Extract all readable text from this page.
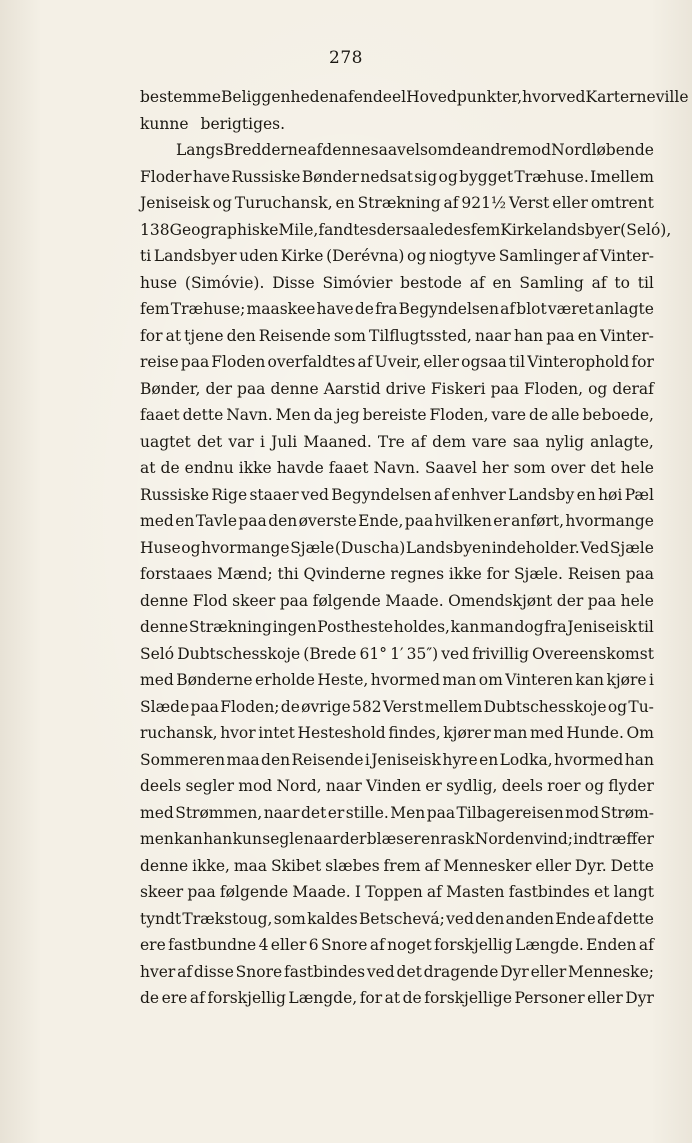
278
bestemme Beliggenheden af endeel Hovedpunkter, hvorved Karterne ville
kunne berigtiges.
Langs Bredderne af denne saavelsom de andre mod Nord løbende
Floder have Russiske Bønder nedsat sig og bygget Træhuse. Imellem
Jeniseisk og Turuchansk, en Strækning af 921½ Verst eller omtrent
138 Geographiske Mile, fandtes der saaledes fem Kirkelandsbyer (Seló),
ti Landsbyer uden Kirke (Derévna) og niogtyve Samlinger af Vinter-
huse (Simóvie). Disse Simóvier bestode af en Samling af to til
fem Træhuse; maaskee have de fra Begyndelsen af blot været anlagte
for at tjene den Reisende som Tilflugtssted, naar han paa en Vinter-
reise paa Floden overfaldtes af Uveir, eller ogsaa til Vinterophold for
Bønder, der paa denne Aarstid drive Fiskeri paa Floden, og deraf
faaet dette Navn. Men da jeg bereiste Floden, vare de alle beboede,
uagtet det var i Juli Maaned. Tre af dem vare saa nylig anlagte,
at de endnu ikke havde faaet Navn. Saavel her som over det hele
Russiske Rige staaer ved Begyndelsen af enhver Landsby en høi Pæl
med en Tavle paa den øverste Ende, paa hvilken er anført, hvormange
Huse og hvormange Sjæle (Duscha) Landsbyen indeholder. Ved Sjæle
forstaaes Mænd; thi Qvinderne regnes ikke for Sjæle. Reisen paa
denne Flod skeer paa følgende Maade. Omendskjønt der paa hele
denne Strækning ingen Postheste holdes, kan man dog fra Jeniseisk til
Seló Dubtschesskoje (Brede 61° 1′ 35″) ved frivillig Overeenskomst
med Bønderne erholde Heste, hvormed man om Vinteren kan kjøre i
Slæde paa Floden; de øvrige 582 Verst mellem Dubtschesskoje og Tu-
ruchansk, hvor intet Hesteshold findes, kjører man med Hunde. Om
Sommeren maa den Reisende i Jeniseisk hyre en Lodka, hvormed han
deels segler mod Nord, naar Vinden er sydlig, deels roer og flyder
med Strømmen, naar det er stille. Men paa Tilbagereisen mod Strøm-
men kan han kun segle naar der blæser en rask Nordenvind; indtræffer
denne ikke, maa Skibet slæbes frem af Mennesker eller Dyr. Dette
skeer paa følgende Maade. I Toppen af Masten fastbindes et langt
tyndt Trækstoug, som kaldes Betschevá; ved den anden Ende af dette
ere fastbundne 4 eller 6 Snore af noget forskjellig Længde. Enden af
hver af disse Snore fastbindes ved det dragende Dyr eller Menneske;
de ere af forskjellig Længde, for at de forskjellige Personer eller Dyr
